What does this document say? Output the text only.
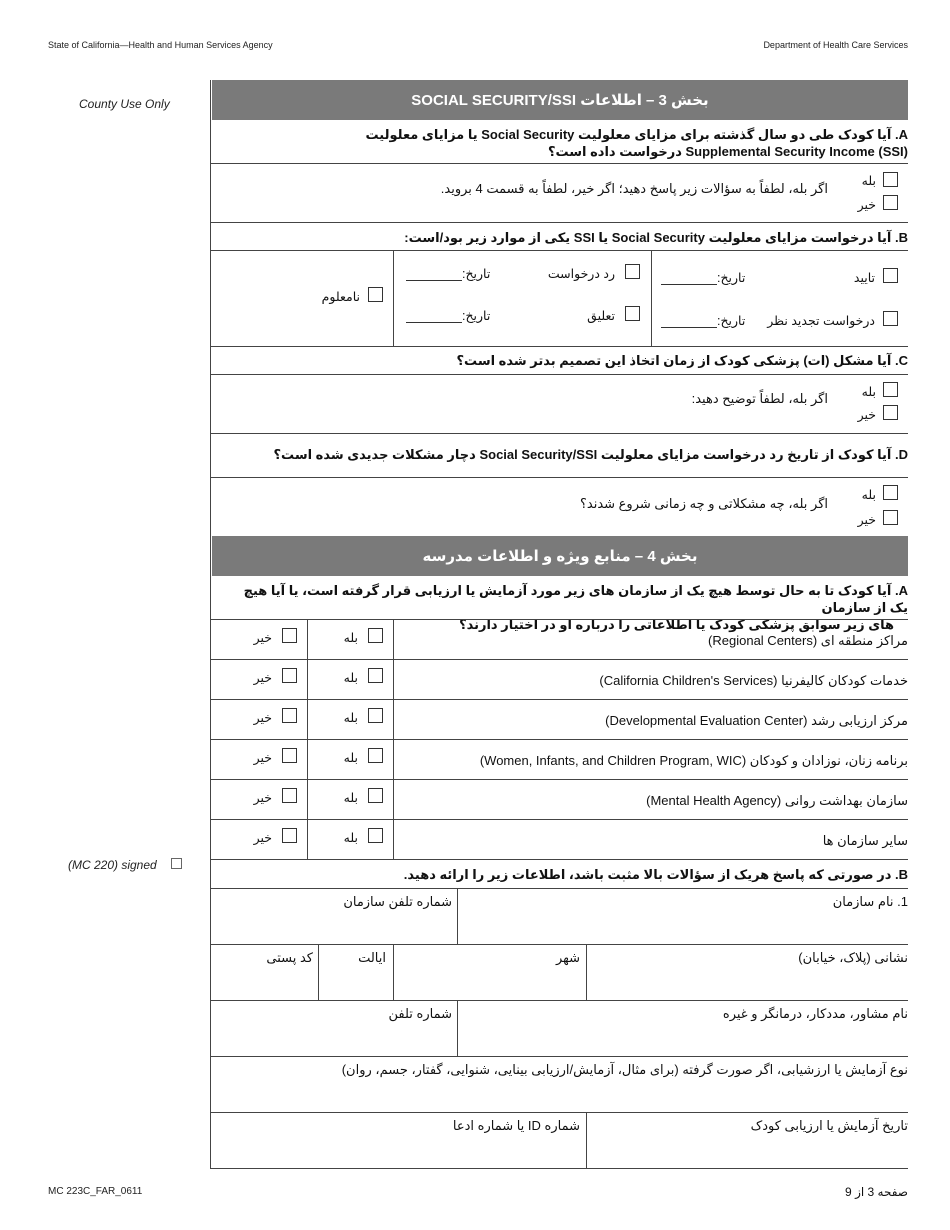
State of California—Health and Human Services Agency	Department of Health Care Services
County Use Only
(MC 220) signed
بخش 3 – اطلاعات SOCIAL SECURITY/SSI
A. آیا کودک طی دو سال گذشته برای مزایای معلولیت Social Security یا مزایای معلولیت
Supplemental Security Income (SSI) درخواست داده است؟
بله
خیر
اگر بله، لطفاً به سؤالات زیر پاسخ دهید؛ اگر خیر، لطفاً به قسمت 4 بروید.
B. آیا درخواست مزایای معلولیت Social Security یا SSI یکی از موارد زیر بود/است:
تایید
تاریخ:
درخواست تجدید نظر
تاریخ:
رد درخواست
تاریخ:
تعلیق
تاریخ:
نامعلوم
C. آیا مشکل (ات) پزشکی کودک از زمان اتخاذ این تصمیم بدتر شده است؟
بله
خیر
اگر بله، لطفاً توضیح دهید:
D. آیا کودک از تاریخ رد درخواست مزایای معلولیت Social Security/SSI دچار مشکلات جدیدی شده است؟
بله
خیر
اگر بله، چه مشکلاتی و چه زمانی شروع شدند؟
بخش 4 – منابع ویژه و اطلاعات مدرسه
A. آیا کودک تا به حال توسط هیچ یک از سازمان های زیر مورد آزمایش یا ارزیابی قرار گرفته است، یا آیا هیچ یک از سازمان
های زیر سوابق پزشکی کودک یا اطلاعاتی را درباره او در اختیار دارند؟
مراکز منطقه ای (Regional Centers)
بله
خیر
خدمات کودکان کالیفرنیا (California Children's Services)
بله
خیر
مرکز ارزیابی رشد (Developmental Evaluation Center)
بله
خیر
برنامه زنان، نوزادان و کودکان (Women, Infants, and Children Program, WIC)
بله
خیر
سازمان بهداشت روانی (Mental Health Agency)
بله
خیر
سایر سازمان ها
بله
خیر
B. در صورتی که پاسخ هریک از سؤالات بالا مثبت باشد، اطلاعات زیر را ارائه دهید.
1. نام سازمان
شماره تلفن سازمان
نشانی (پلاک، خیابان)
شهر
ایالت
کد پستی
نام مشاور، مددکار، درمانگر و غیره
شماره تلفن
نوع آزمایش یا ارزشیابی، اگر صورت گرفته (برای مثال، آزمایش/ارزیابی بینایی، شنوایی، گفتار، جسم، روان)
تاریخ آزمایش یا ارزیابی کودک
شماره ID یا شماره ادعا
MC 223C_FAR_0611	صفحه 3 از 9
